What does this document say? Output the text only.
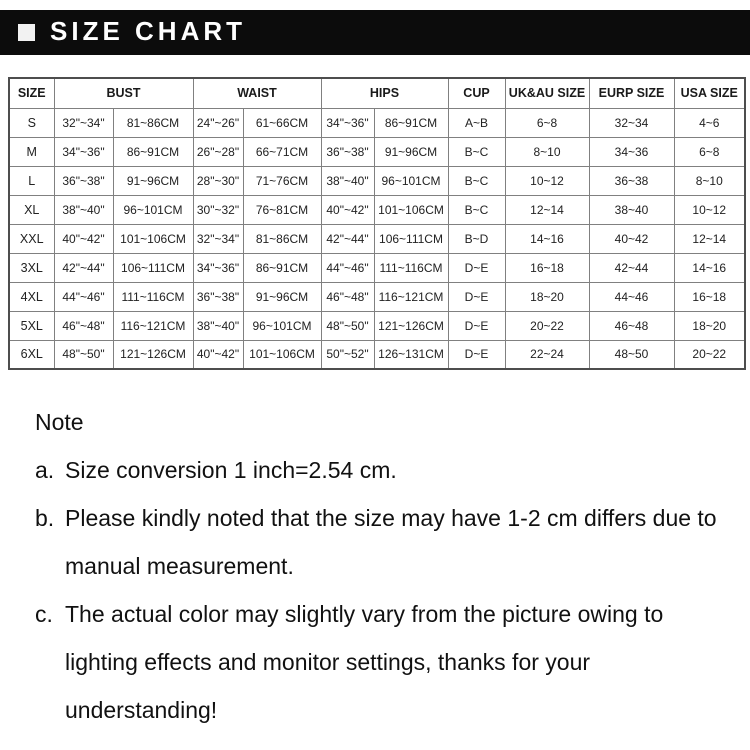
SIZE CHART
SIZE	BUST		WAIST		HIPS		CUP	UK&AU SIZE	EURP SIZE	USA SIZE
S	32"~34"	81~86CM	24"~26"	61~66CM	34"~36"	86~91CM	A~B	6~8	32~34	4~6
M	34"~36"	86~91CM	26"~28"	66~71CM	36"~38"	91~96CM	B~C	8~10	34~36	6~8
L	36"~38"	91~96CM	28"~30"	71~76CM	38"~40"	96~101CM	B~C	10~12	36~38	8~10
XL	38"~40"	96~101CM	30"~32"	76~81CM	40"~42"	101~106CM	B~C	12~14	38~40	10~12
XXL	40"~42"	101~106CM	32"~34"	81~86CM	42"~44"	106~111CM	B~D	14~16	40~42	12~14
3XL	42"~44"	106~111CM	34"~36"	86~91CM	44"~46"	111~116CM	D~E	16~18	42~44	14~16
4XL	44"~46"	111~116CM	36"~38"	91~96CM	46"~48"	116~121CM	D~E	18~20	44~46	16~18
5XL	46"~48"	116~121CM	38"~40"	96~101CM	48"~50"	121~126CM	D~E	20~22	46~48	18~20
6XL	48"~50"	121~126CM	40"~42"	101~106CM	50"~52"	126~131CM	D~E	22~24	48~50	20~22
Note
a. Size conversion 1 inch=2.54 cm.
b. Please kindly noted that the size may have 1-2 cm differs due to manual measurement.
c. The actual color may slightly vary from the picture owing to lighting effects and monitor settings, thanks for your understanding!
